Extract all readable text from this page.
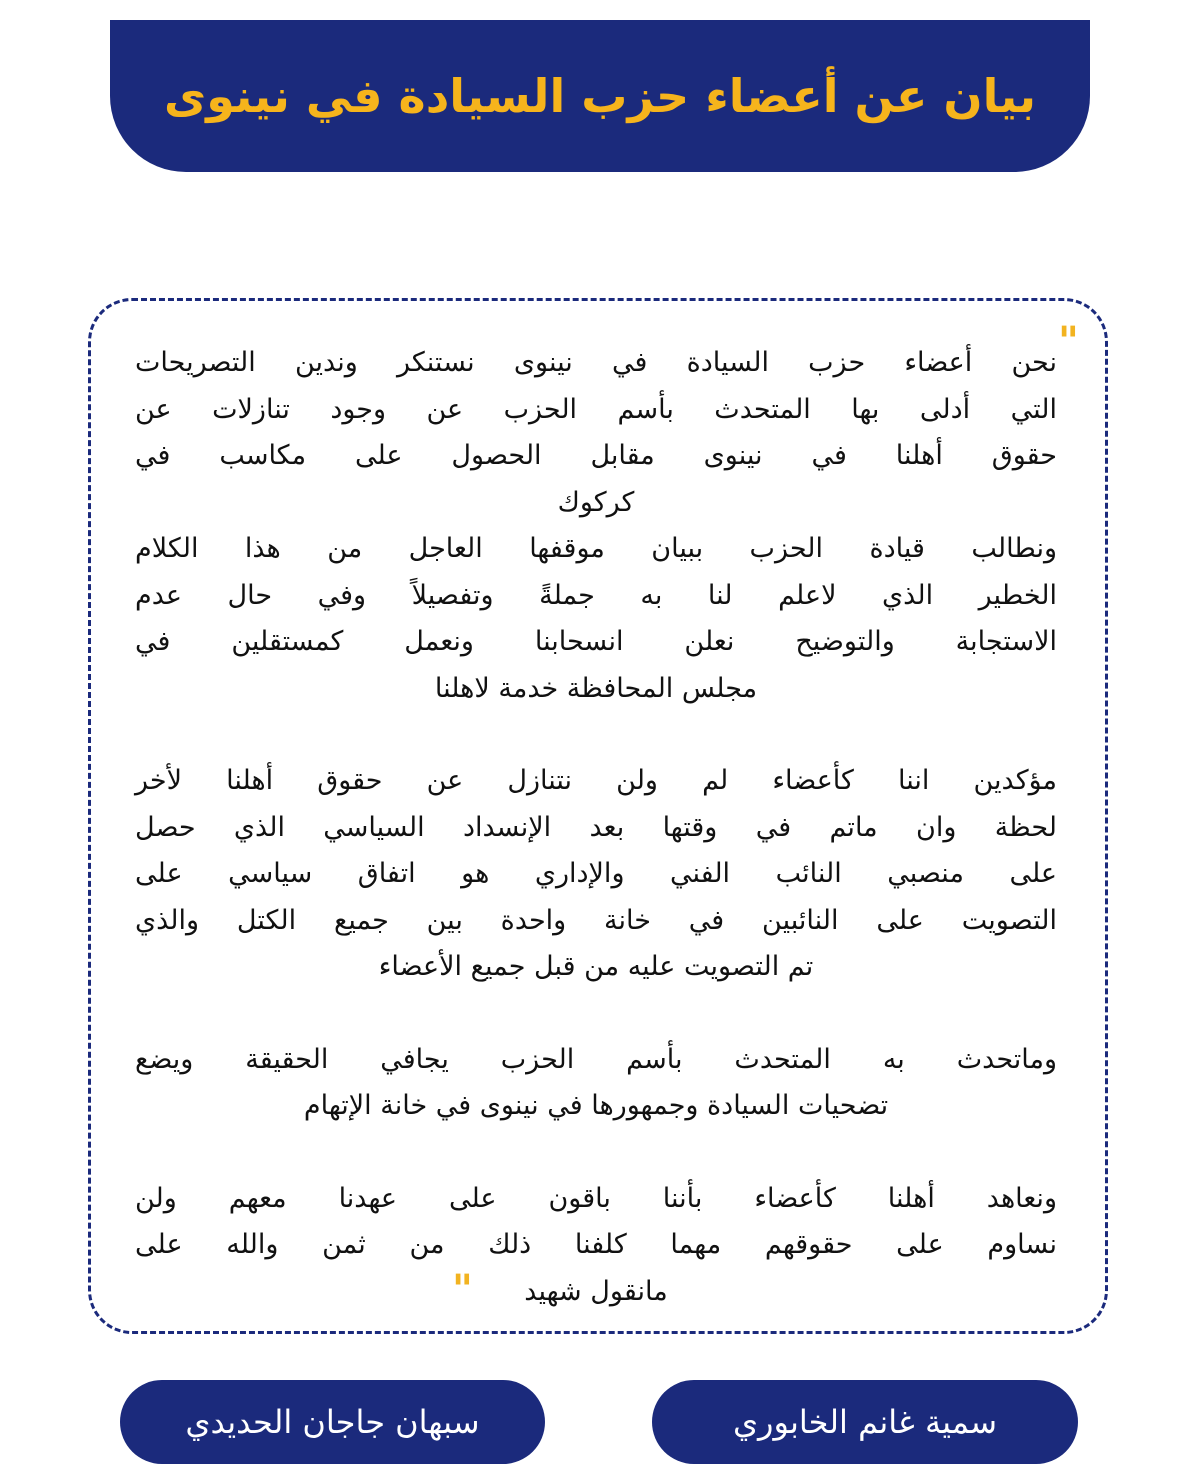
بيان عن أعضاء حزب السيادة في نينوى
"
"
نحن أعضاء حزب السيادة في نينوى نستنكر وندين التصريحات
التي أدلى بها المتحدث بأسم الحزب عن وجود تنازلات عن
حقوق أهلنا في نينوى مقابل الحصول على مكاسب في
كركوك
ونطالب قيادة الحزب ببيان موقفها العاجل من هذا الكلام
الخطير الذي لاعلم لنا به جملةً وتفصيلاً وفي حال عدم
الاستجابة والتوضيح نعلن انسحابنا ونعمل كمستقلين في
مجلس المحافظة خدمة لاهلنا
مؤكدين اننا كأعضاء لم ولن نتنازل عن حقوق أهلنا لأخر
لحظة وان ماتم في وقتها بعد الإنسداد السياسي الذي حصل
على منصبي النائب الفني والإداري هو اتفاق سياسي على
التصويت على النائبين في خانة واحدة بين جميع الكتل والذي
تم التصويت عليه من قبل جميع الأعضاء
وماتحدث به المتحدث بأسم الحزب يجافي الحقيقة ويضع
تضحيات السيادة وجمهورها في نينوى في خانة الإتهام
ونعاهد أهلنا كأعضاء بأننا باقون على عهدنا معهم ولن
نساوم على حقوقهم مهما كلفنا ذلك من ثمن والله على
مانقول شهيد
سبهان جاجان الحديدي	سمية غانم الخابوري
